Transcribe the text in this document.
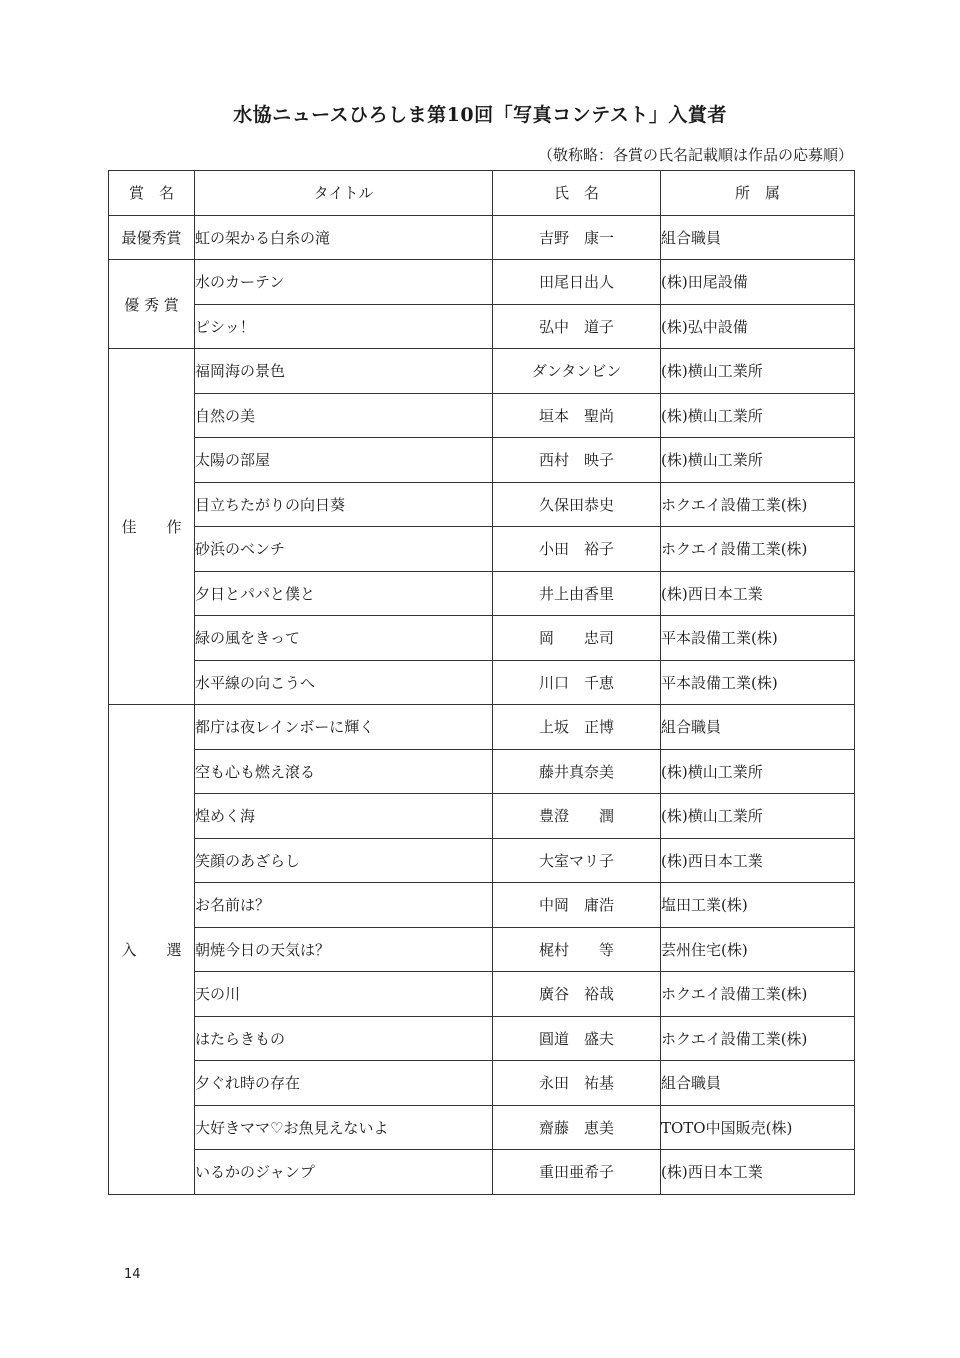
水協ニュースひろしま第10回「写真コンテスト」入賞者
（敬称略：各賞の氏名記載順は作品の応募順）
賞　名	タイトル	氏　名	所　属
最優秀賞	虹の架かる白糸の滝	吉野　康一	組合職員
優 秀 賞	水のカーテン	田尾日出人	(株)田尾設備
	ピシッ！	弘中　道子	(株)弘中設備
佳　　作	福岡海の景色	ダンタンビン	(株)横山工業所
	自然の美	垣本　聖尚	(株)横山工業所
	太陽の部屋	西村　映子	(株)横山工業所
	目立ちたがりの向日葵	久保田恭史	ホクエイ設備工業(株)
	砂浜のベンチ	小田　裕子	ホクエイ設備工業(株)
	夕日とパパと僕と	井上由香里	(株)西日本工業
	緑の風をきって	岡　　忠司	平本設備工業(株)
	水平線の向こうへ	川口　千恵	平本設備工業(株)
入　　選	都庁は夜レインボーに輝く	上坂　正博	組合職員
	空も心も燃え滾る	藤井真奈美	(株)横山工業所
	煌めく海	豊澄　　潤	(株)横山工業所
	笑顔のあざらし	大室マリ子	(株)西日本工業
	お名前は？	中岡　庸浩	塩田工業(株)
	朝焼今日の天気は？	梶村　　等	芸州住宅(株)
	天の川	廣谷　裕哉	ホクエイ設備工業(株)
	はたらきもの	圓道　盛夫	ホクエイ設備工業(株)
	夕ぐれ時の存在	永田　祐基	組合職員
	大好きママ♡お魚見えないよ	齋藤　恵美	TOTO中国販売(株)
	いるかのジャンプ	重田亜希子	(株)西日本工業
14
